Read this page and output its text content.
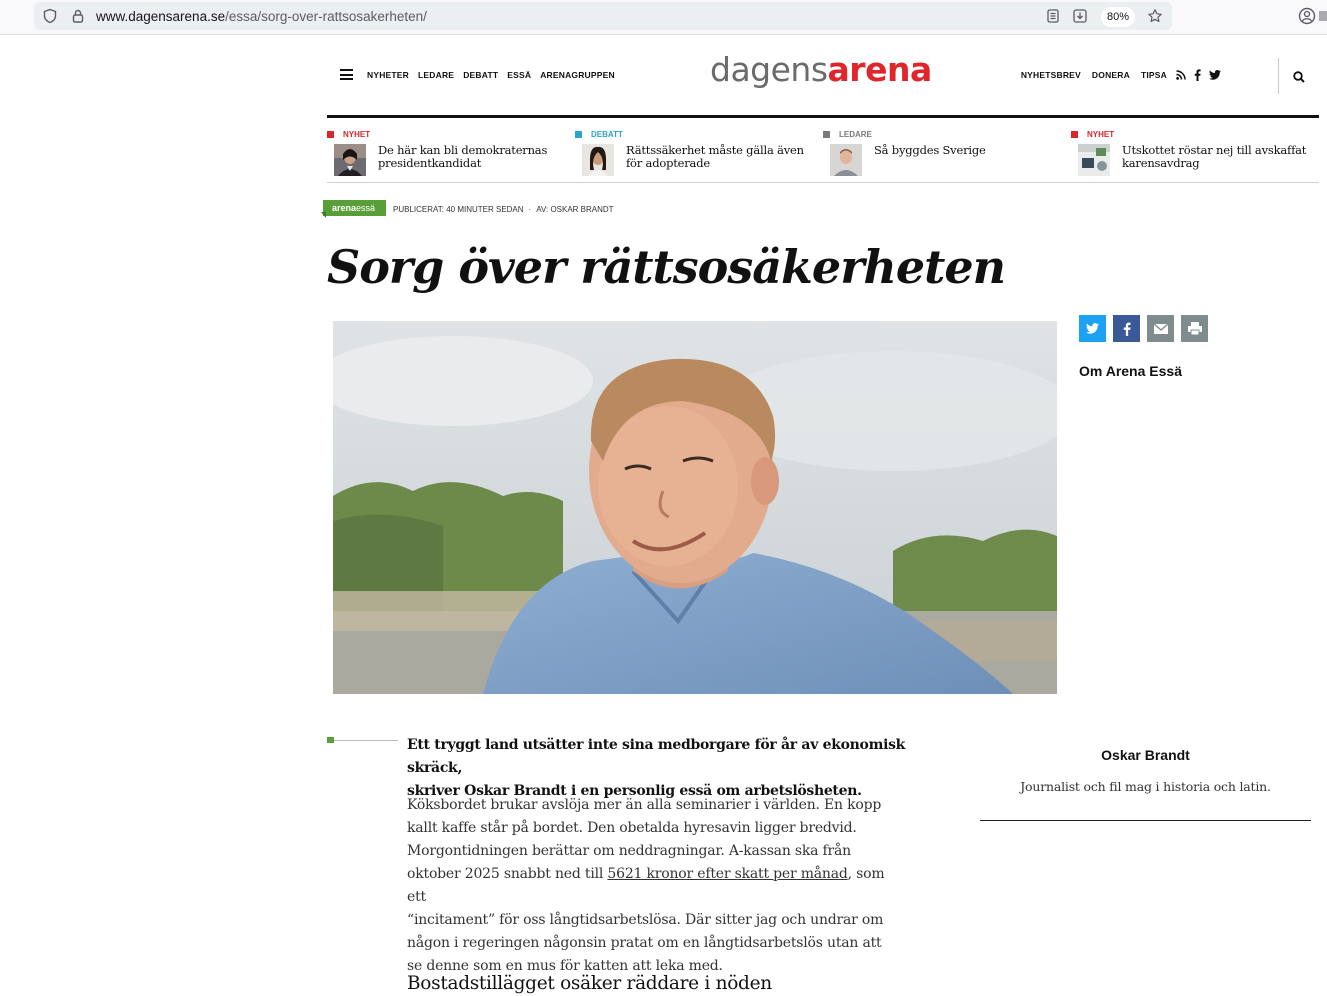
www.dagensarena.se/essa/sorg-over-rattsosakerheten/	80%
NYHETER LEDARE DEBATT ESSÄ ARENAGRUPPEN	dagensarena	NYHETSBREV DONERA TIPSA
NYHET
De här kan bli demokraternas presidentkandidat
DEBATT
Rättssäkerhet måste gälla även för adopterade
LEDARE
Så byggdes Sverige
NYHET
Utskottet röstar nej till avskaffat karensavdrag
arenaessä	PUBLICERAT: 40 MINUTER SEDAN · AV: OSKAR BRANDT
Sorg över rättsosäkerheten
Om Arena Essä
Ett tryggt land utsätter inte sina medborgare för år av ekonomisk skräck,
skriver Oskar Brandt i en personlig essä om arbetslösheten.
Köksbordet brukar avslöja mer än alla seminarier i världen. En kopp
kallt kaffe står på bordet. Den obetalda hyresavin ligger bredvid.
Morgontidningen berättar om neddragningar. A-kassan ska från
oktober 2025 snabbt ned till 5621 kronor efter skatt per månad, som ett
“incitament” för oss långtidsarbetslösa. Där sitter jag och undrar om
någon i regeringen någonsin pratat om en långtidsarbetslös utan att
se denne som en mus för katten att leka med.
Bostadstillägget osäker räddare i nöden
Oskar Brandt
Journalist och fil mag i historia och latin.
